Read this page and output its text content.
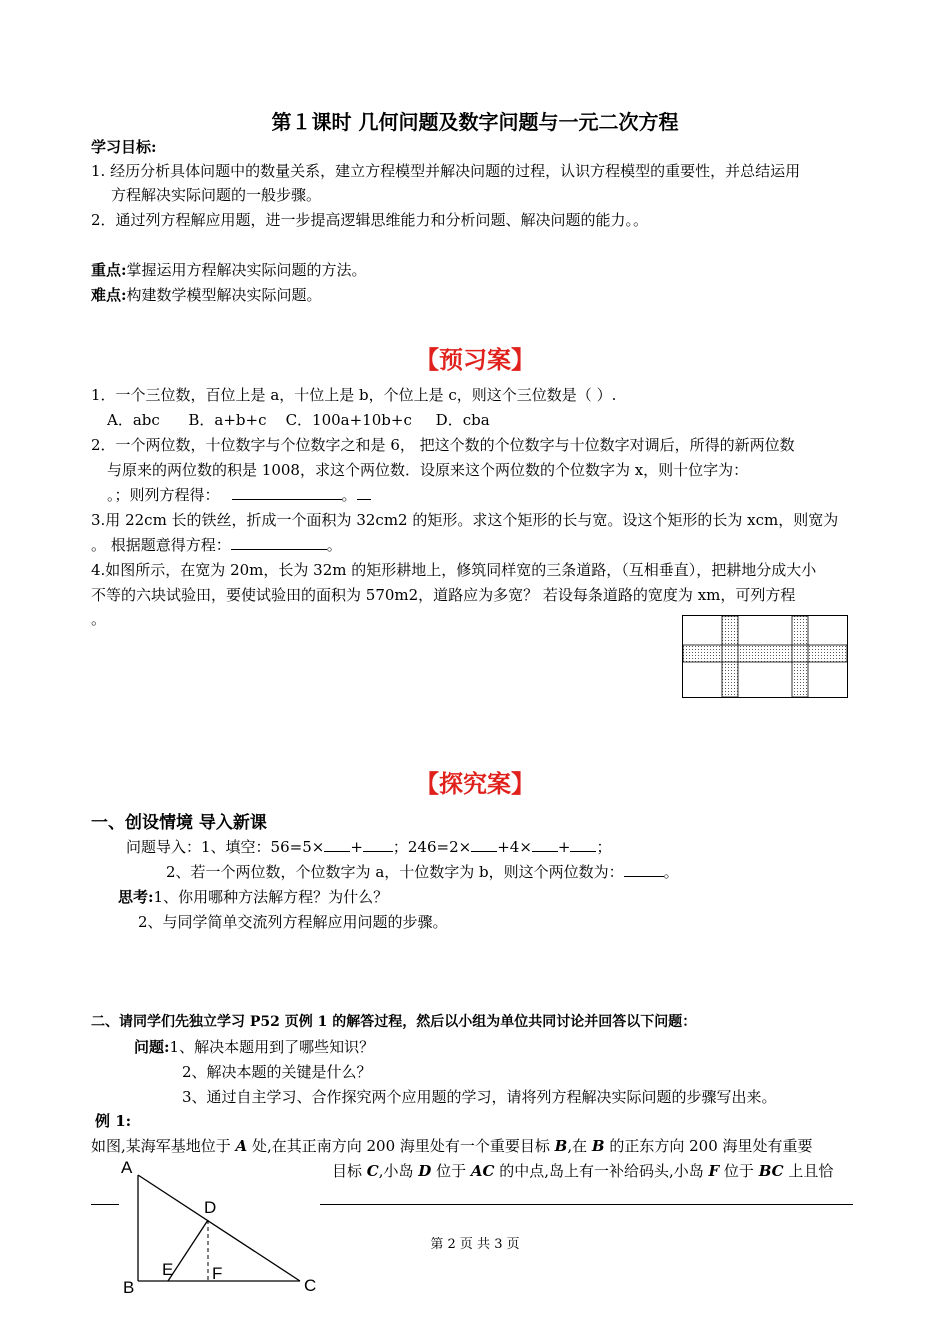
第１课时 几何问题及数字问题与一元二次方程
学习目标:
1. 经历分析具体问题中的数量关系，建立方程模型并解决问题的过程，认识方程模型的重要性，并总结运用
方程解决实际问题的一般步骤。
2．通过列方程解应用题，进一步提高逻辑思维能力和分析问题、解决问题的能力。。
重点:掌握运用方程解决实际问题的方法。
难点:构建数学模型解决实际问题。
【预习案】
1．一个三位数，百位上是 a，十位上是 b，个位上是 c，则这个三位数是（ ）.
A．abc      B．a+b+c    C．100a+10b+c     D．cba
2．一个两位数，十位数字与个位数字之和是 6， 把这个数的个位数字与十位数字对调后，所得的新两位数
与原来的两位数的积是 1008，求这个两位数．设原来这个两位数的个位数字为 x，则十位字为：
。；则列方程得：	。
3.用 22cm 长的铁丝，折成一个面积为 32cm2 的矩形。求这个矩形的长与宽。设这个矩形的长为 xcm，则宽为
。 根据题意得方程：	。
4.如图所示，在宽为 20m，长为 32m 的矩形耕地上，修筑同样宽的三条道路，（互相垂直），把耕地分成大小
不等的六块试验田，要使试验田的面积为 570m2，道路应为多宽？ 若设每条道路的宽度为 xm，可列方程
。
【探究案】
一、创设情境 导入新课
问题导入：1、填空：56=5× + ；246=2× +4× + ；
2、若一个两位数，个位数字为 a，十位数字为 b，则这个两位数为：	。
思考:1、你用哪种方法解方程？为什么？
2、与同学简单交流列方程解应用问题的步骤。
二、请同学们先独立学习 P52 页例 1 的解答过程，然后以小组为单位共同讨论并回答以下问题：
问题:1、解决本题用到了哪些知识？
2、解决本题的关键是什么？
3、通过自主学习、合作探究两个应用题的学习，请将列方程解决实际问题的步骤写出来。
例 1:
如图,某海军基地位于 A 处,在其正南方向 200 海里处有一个重要目标 B,在 B 的正东方向 200 海里处有重要
目标 C,小岛 D 位于 AC 的中点,岛上有一补给码头,小岛 F 位于 BC 上且恰
A
B	C
D
E F
第 2 页 共 3 页
